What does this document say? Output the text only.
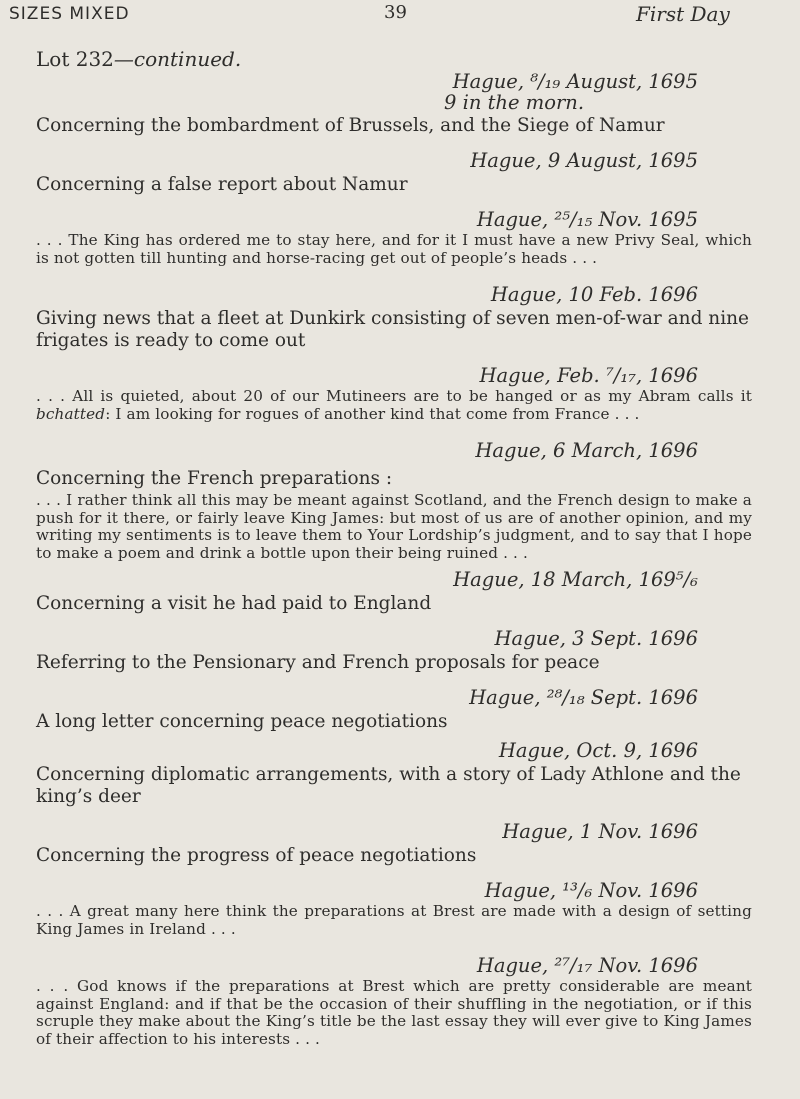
SIZES MIXED	39	First Day
Lot 232—continued.
Hague, ⁸/₁₉ August, 1695
9 in the morn.
Concerning the bombardment of Brussels, and the Siege of Namur
Hague, 9 August, 1695
Concerning a false report about Namur
Hague, ²⁵/₁₅ Nov. 1695
. . . The King has ordered me to stay here, and for it I must have a new Privy Seal, which is not gotten till hunting and horse-racing get out of people’s heads . . .
Hague, 10 Feb. 1696
Giving news that a fleet at Dunkirk consisting of seven men-of-war and nine frigates is ready to come out
Hague, Feb. ⁷/₁₇, 1696
. . . All is quieted, about 20 of our Mutineers are to be hanged or as my Abram calls it bchatted: I am looking for rogues of another kind that come from France . . .
Hague, 6 March, 1696
Concerning the French preparations :
. . . I rather think all this may be meant against Scotland, and the French design to make a push for it there, or fairly leave King James: but most of us are of another opinion, and my writing my sentiments is to leave them to Your Lordship’s judgment, and to say that I hope to make a poem and drink a bottle upon their being ruined . . .
Hague, 18 March, 169⁵/₆
Concerning a visit he had paid to England
Hague, 3 Sept. 1696
Referring to the Pensionary and French proposals for peace
Hague, ²⁸/₁₈ Sept. 1696
A long letter concerning peace negotiations
Hague, Oct. 9, 1696
Concerning diplomatic arrangements, with a story of Lady Athlone and the king’s deer
Hague, 1 Nov. 1696
Concerning the progress of peace negotiations
Hague, ¹³/₆ Nov. 1696
. . . A great many here think the preparations at Brest are made with a design of setting King James in Ireland . . .
Hague, ²⁷/₁₇ Nov. 1696
. . . God knows if the preparations at Brest which are pretty considerable are meant against England: and if that be the occasion of their shuffling in the negotiation, or if this scruple they make about the King’s title be the last essay they will ever give to King James of their affection to his interests . . .
